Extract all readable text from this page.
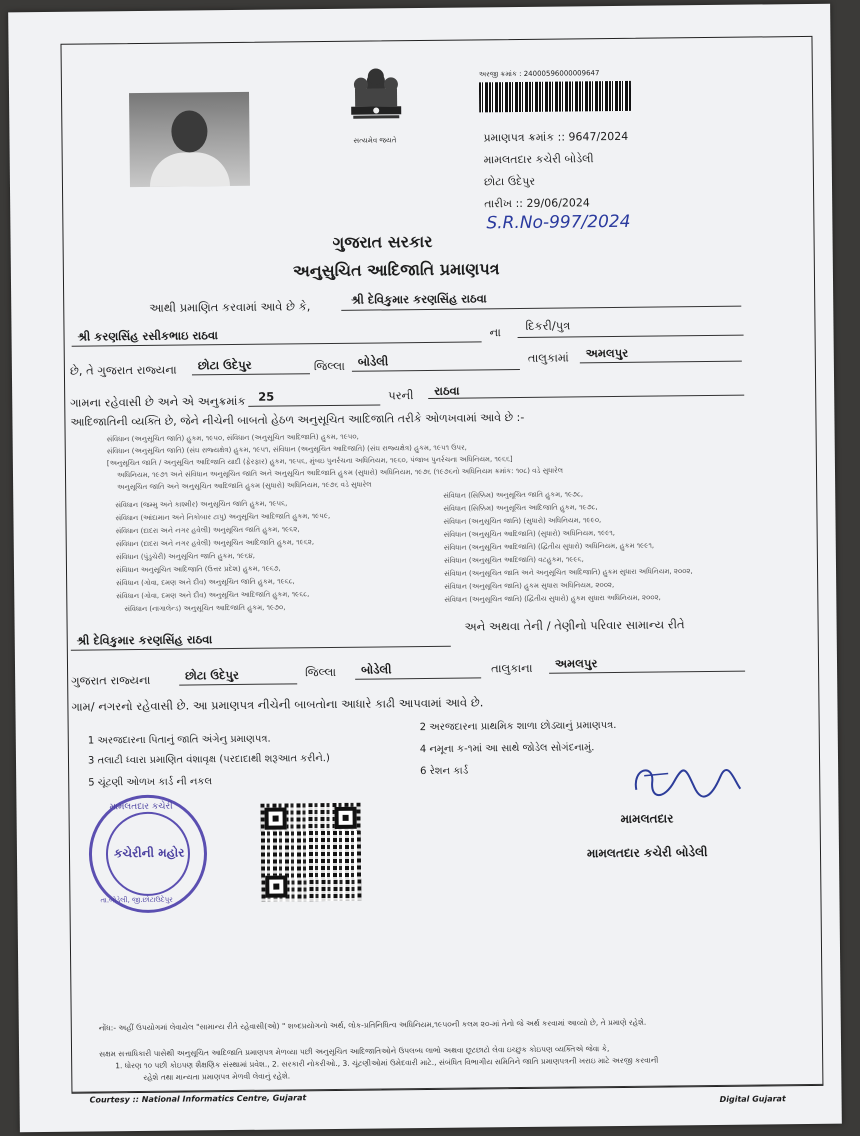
સત્યમેવ જયતે
અરજી ક્રમાંક : 24000596000009647
પ્રમાણપત્ર ક્રમાંક :: 9647/2024
મામલતદાર કચેરી બોડેલી
છોટા ઉદેપુર
તારીખ :: 29/06/2024
S.R.No-997/2024
ગુજરાત સરકાર
અનુસુચિત આદિજાતિ પ્રમાણપત્ર
આથી પ્રમાણિત કરવામાં આવે છે કે,
શ્રી દેવિકુમાર કરણસિંહ રાઠવા
શ્રી કરણસિંહ રસીકભાઇ રાઠવા	ના દિકરી/પુત્ર
છે, તે ગુજરાત રાજ્યના છોટા ઉદેપુર	જિલ્લા બોડેલી	તાલુકામાં અમલપુર
ગામના રહેવાસી છે અને એ અનુક્રમાંક 25	પરની રાઠવા
આદિજાતિની વ્યક્તિ છે, જેને નીચેની બાબતો હેઠળ અનુસૂચિત આદિજાતિ તરીકે ઓળખવામાં આવે છે :-
સંવિધાન (અનુસૂચિત જાતિ) હુકમ, ૧૯૫૦, સંવિધાન (અનુસૂચિત આદિજાતિ) હુકમ, ૧૯૫૦,
સંવિધાન (અનુસૂચિત જાતિ) (સંઘ રાજ્યક્ષેત્ર) હુકમ, ૧૯૫૧, સંવિધાન (અનુસૂચિત આદિજાતિ) (સંઘ રાજ્યક્ષેત્ર) હુકમ, ૧૯૫૧ ઉપર,
[અનુસૂચિત જાતિ / અનુસૂચિત આદિજાતિ યાદી (ફેરફાર) હુકમ, ૧૯૫૬, મુંબઇ પુનર્રચના અધિનિયમ, ૧૯૬૦, પંજાબ પુનર્રચના અધિનિયમ, ૧૯૬૬]
અધિનિયમ, ૧૯૭૧ અને સંવિધાન અનુસૂચિત જાતિ અને અનુસૂચિત આદિજાતિ હુકમ (સુધારો) અધિનિયમ, ૧૯૭૬ (૧૯૭૬નો અધિનિયમ ક્રમાંક: ૧૦૮) વડે સુધારેલ
અનુસૂચિત જાતિ અને અનુસૂચિત આદિજાતિ હુકમ (સુધારો) અધિનિયમ, ૧૯૭૬ વડે સુધારેલ
સંવિધાન (જમ્મુ અને કાશ્મીર) અનુસૂચિત જાતિ હુકમ, ૧૯૫૬,
સંવિધાન (આંદામાન અને નિકોબાર ટાપુ) અનુસૂચિત આદિજાતિ હુકમ, ૧૯૫૯,
સંવિધાન (દાદરા અને નગર હવેલી) અનુસૂચિત જાતિ હુકમ, ૧૯૬૨,
સંવિધાન (દાદરા અને નગર હવેલી) અનુસૂચિત આદિજાતિ હુકમ, ૧૯૬૨,
સંવિધાન (પુંડુચેરી) અનુસૂચિત જાતિ હુકમ, ૧૯૬૪,
સંવિધાન અનુસૂચિત આદિજાતિ (ઉત્તર પ્રદેશ) હુકમ, ૧૯૬૭,
સંવિધાન (ગોવા, દમણ અને દીવ) અનુસૂચિત જાતિ હુકમ, ૧૯૬૮,
સંવિધાન (ગોવા, દમણ અને દીવ) અનુસૂચિત આદિજાતિ હુકમ, ૧૯૬૮,
સંવિધાન (નાગાલેન્ડ) અનુસૂચિત આદિજાતિ હુકમ, ૧૯૭૦,
સંવિધાન (સિક્કિમ) અનુસૂચિત જાતિ હુકમ, ૧૯૭૮,
સંવિધાન (સિક્કિમ) અનુસૂચિત આદિજાતિ હુકમ, ૧૯૭૮,
સંવિધાન (અનુસૂચિત જાતિ) (સુધારો) અધિનિયમ, ૧૯૯૦,
સંવિધાન (અનુસૂચિત આદિજાતિ) (સુધારો) અધિનિયમ, ૧૯૯૧,
સંવિધાન (અનુસૂચિત આદિજાતિ) (દ્વિતીય સુધારો) અધિનિયમ, હુકમ ૧૯૯૧,
સંવિધાન (અનુસૂચિત આદિજાતિ) વટહુકમ, ૧૯૯૬,
સંવિધાન (અનુસૂચિત જાતિ અને અનુસૂચિત આદિજાતિ) હુકમ સુધારા અધિનિયમ, ૨૦૦૨,
સંવિધાન (અનુસૂચિત જાતિ) હુકમ સુધારા અધિનિયમ, ૨૦૦૨,
સંવિધાન (અનુસૂચિત જાતિ) (દ્વિતીય સુધારો) હુકમ સુધારા અધિનિયમ, ૨૦૦૨,
શ્રી દેવિકુમાર કરણસિંહ રાઠવા
અને અથવા તેની / તેણીનો પરિવાર સામાન્ય રીતે
ગુજરાત રાજ્યના	છોટા ઉદેપુર	જિલ્લા બોડેલી	તાલુકાના અમલપુર
ગામ/ નગરનો રહેવાસી છે. આ પ્રમાણપત્ર નીચેની બાબતોના આધારે કાઢી આપવામાં આવે છે.
1 અરજદારના પિતાનું જાતિ અંગેનુ પ્રમાણપત્ર.
2 અરજદારના પ્રાથમિક શાળા છોડ્યાનું પ્રમાણપત્ર.
3 તલાટી ધ્વારા પ્રમાણિત વંશાવૃક્ષ (પરદાદાથી શરૂઆત કરીને.)
4 નમૂના ક-૧માં આ સાથે જોડેલ સોગંદનામું.
5 ચૂંટણી ઓળખ કાર્ડ ની નકલ
6 રેશન કાર્ડ
મામલતદાર કચેરી
કચેરીની મહોર
તા.બોડેલી, જી.છોટાઉદેપુર
મામલતદાર
મામલતદાર કચેરી બોડેલી
નોંધ:- અહીં ઉપયોગમાં લેવાયેલ "સામાન્ય રીતે રહેવાસી(ઓ) " શબ્દપ્રયોગનો અર્થ, લોક-પ્રતિનિધિત્વ અધિનિયમ,૧૯૫૦ની કલમ ૨૦-માં તેનો જે અર્થ કરવામાં આવ્યો છે, તે પ્રમાણે રહેશે.
સક્ષમ સત્તાધિકારી પાસેથી અનુસૂચિત આદિજાતિ પ્રમાણપત્ર મેળવ્યા પછી અનુસૂચિત આદિજાતિઓને ઉપલબ્ધ લાભો અથવા છૂટછાટો લેવા ઇચ્છુક કોઇપણ વ્યક્તિએ જેવા કે,
1. ધોરણ ૧૦ પછી કોઇપણ શૈક્ષણિક સંસ્થામાં પ્રવેશ., 2. સરકારી નોકરીઓ., 3. ચૂંટણીઓમાં ઉમેદવારી માટે., સંબંધિત વિભાગીય સમિતિને જાતિ પ્રમાણપત્રની ખરાઇ માટે અરજી કરવાની
રહેશે તથા માન્યતા પ્રમાણપત્ર મેળવી લેવાનું રહેશે.
Courtesy :: National Informatics Centre, Gujarat	Digital Gujarat
